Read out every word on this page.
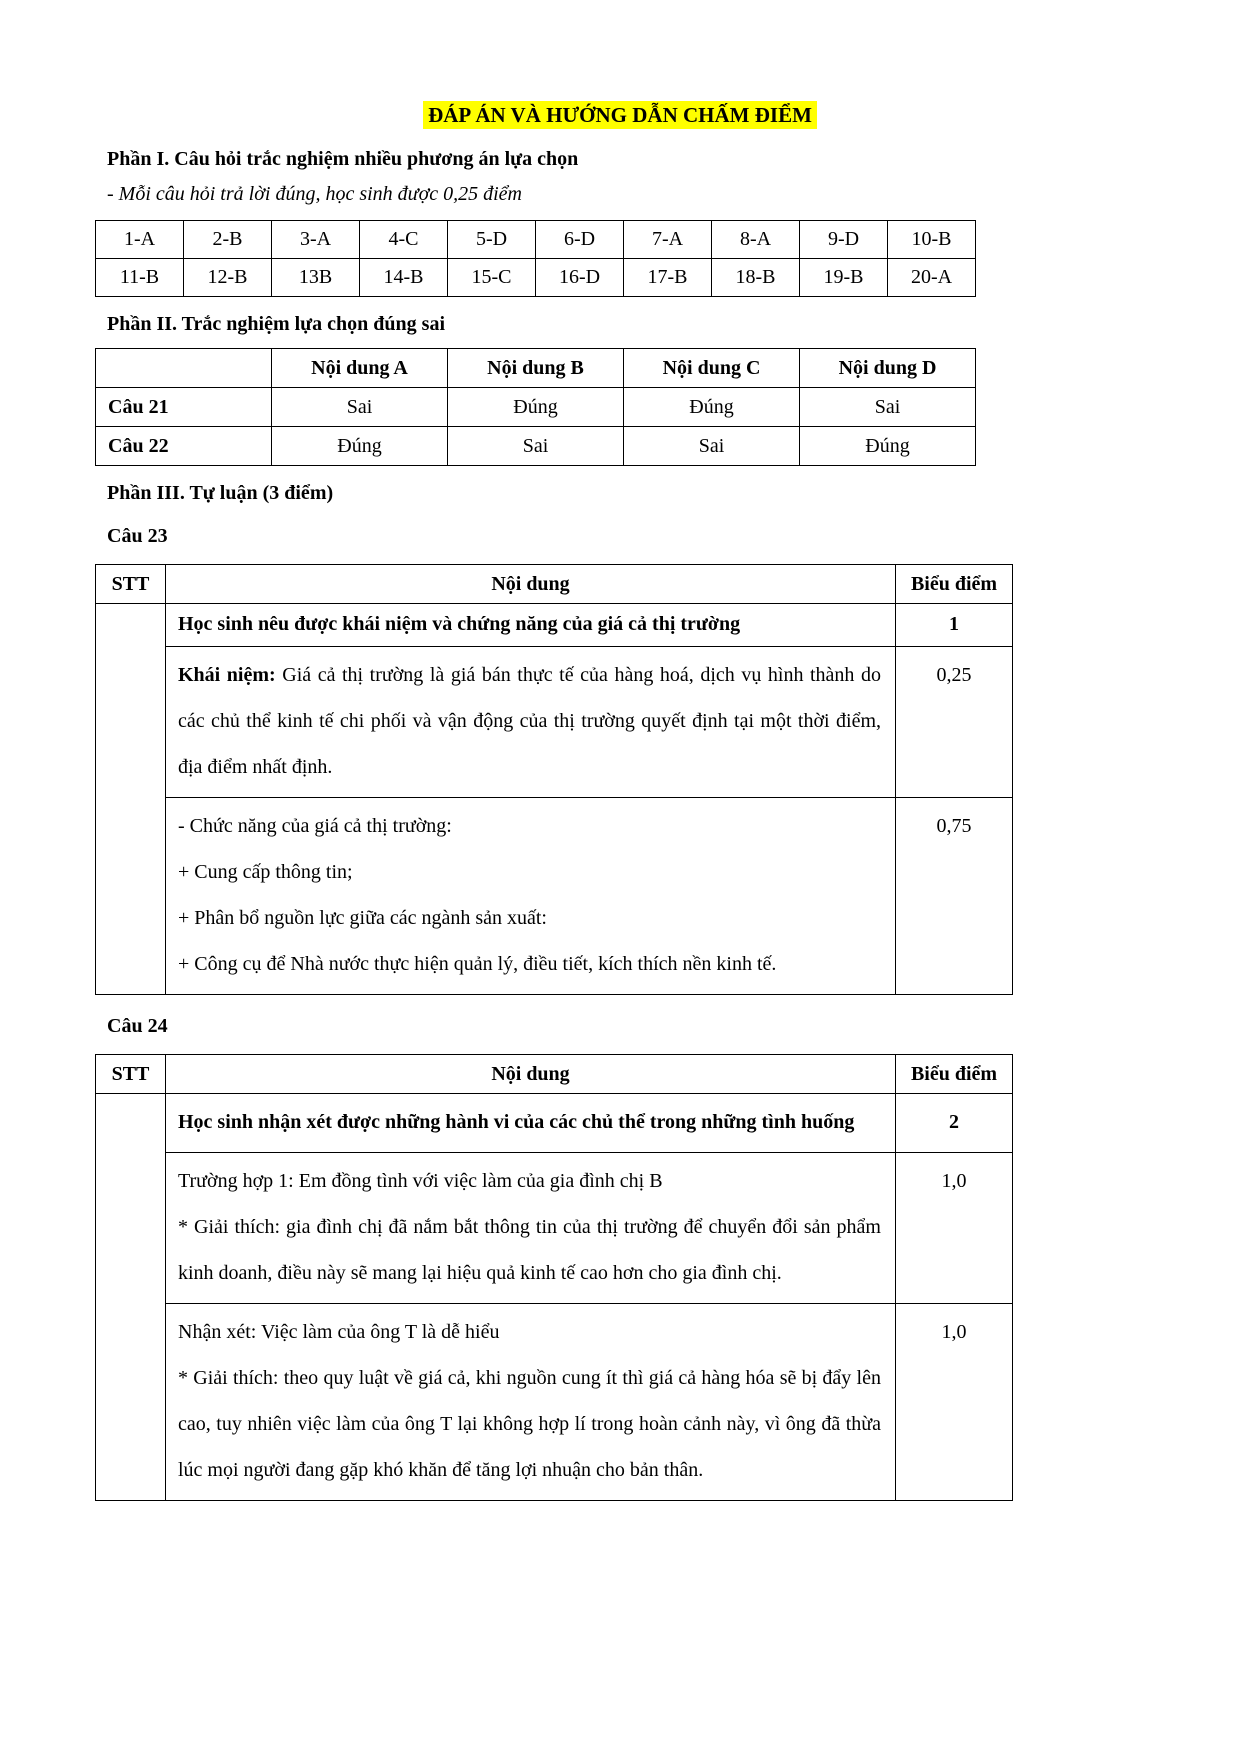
ĐÁP ÁN VÀ HƯỚNG DẪN CHẤM ĐIỂM
Phần I. Câu hỏi trắc nghiệm nhiều phương án lựa chọn
- Mỗi câu hỏi trả lời đúng, học sinh được 0,25 điểm
1-A	2-B	3-A	4-C	5-D	6-D	7-A	8-A	9-D	10-B
11-B	12-B	13B	14-B	15-C	16-D	17-B	18-B	19-B	20-A
Phần II. Trắc nghiệm lựa chọn đúng sai
	Nội dung A	Nội dung B	Nội dung C	Nội dung D
Câu 21	Sai	Đúng	Đúng	Sai
Câu 22	Đúng	Sai	Sai	Đúng
Phần III. Tự luận (3 điểm)
Câu 23
STT	Nội dung	Biểu điểm
	Học sinh nêu được khái niệm và chứng năng của giá cả thị trường	1
	Khái niệm: Giá cả thị trường là giá bán thực tế của hàng hoá, dịch vụ hình thành do các chủ thể kinh tế chi phối và vận động của thị trường quyết định tại một thời điểm, địa điểm nhất định.	0,25

	- Chức năng của giá cả thị trường:
+ Cung cấp thông tin;
+ Phân bổ nguồn lực giữa các ngành sản xuất:
+ Công cụ để Nhà nước thực hiện quản lý, điều tiết, kích thích nền kinh tế.	0,75
Câu 24
STT	Nội dung	Biểu điểm
	Học sinh nhận xét được những hành vi của các chủ thể trong những tình huống	2

	Trường hợp 1: Em đồng tình với việc làm của gia đình chị B
* Giải thích: gia đình chị đã nắm bắt thông tin của thị trường để chuyển đổi sản phẩm kinh doanh, điều này sẽ mang lại hiệu quả kinh tế cao hơn cho gia đình chị.	1,0

	Nhận xét: Việc làm của ông T là dễ hiểu
* Giải thích: theo quy luật về giá cả, khi nguồn cung ít thì giá cả hàng hóa sẽ bị đẩy lên cao, tuy nhiên việc làm của ông T lại không hợp lí trong hoàn cảnh này, vì ông đã thừa lúc mọi người đang gặp khó khăn để tăng lợi nhuận cho bản thân.	1,0
